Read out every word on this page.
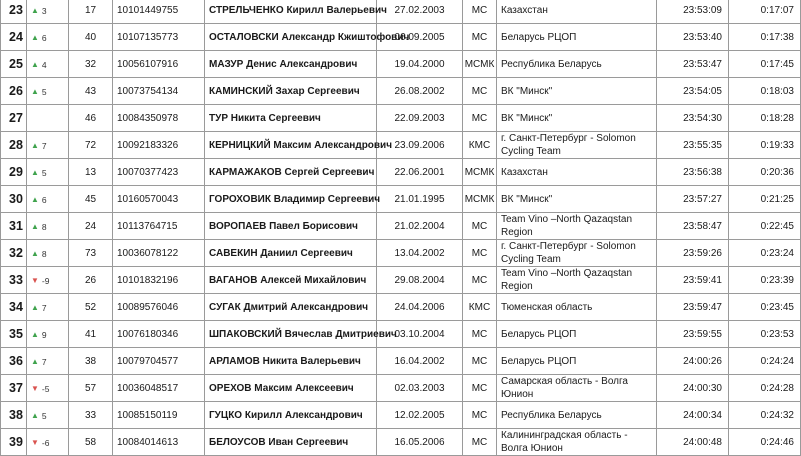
23	▲ 3	17	10101449755	СТРЕЛЬЧЕНКО Кирилл Валерьевич	27.02.2003	МС	Казахстан	23:53:09	0:17:07
24	▲ 6	40	10107135773	ОСТАЛОВСКИ Александр Кжиштофович	06.09.2005	МС	Беларусь РЦОП	23:53:40	0:17:38
25	▲ 4	32	10056107916	МАЗУР Денис Александрович	19.04.2000	МСМК	Республика Беларусь	23:53:47	0:17:45
26	▲ 5	43	10073754134	КАМИНСКИЙ Захар Сергеевич	26.08.2002	МС	ВК "Минск"	23:54:05	0:18:03
27		46	10084350978	ТУР Никита Сергеевич	22.09.2003	МС	ВК "Минск"	23:54:30	0:18:28
28	▲ 7	72	10092183326	КЕРНИЦКИЙ Максим Александрович	23.09.2006	КМС	г. Санкт-Петербург - Solomon Cycling Team	23:55:35	0:19:33
29	▲ 5	13	10070377423	КАРМАЖАКОВ Сергей Сергеевич	22.06.2001	МСМК	Казахстан	23:56:38	0:20:36
30	▲ 6	45	10160570043	ГОРОХОВИК Владимир Сергеевич	21.01.1995	МСМК	ВК "Минск"	23:57:27	0:21:25
31	▲ 8	24	10113764715	ВОРОПАЕВ Павел Борисович	21.02.2004	МС	Team Vino –North Qazaqstan Region	23:58:47	0:22:45
32	▲ 8	73	10036078122	САВЕКИН Даниил Сергеевич	13.04.2002	МС	г. Санкт-Петербург - Solomon Cycling Team	23:59:26	0:23:24
33	▼ -9	26	10101832196	ВАГАНОВ Алексей Михайлович	29.08.2004	МС	Team Vino –North Qazaqstan Region	23:59:41	0:23:39
34	▲ 7	52	10089576046	СУГАК Дмитрий Александрович	24.04.2006	КМС	Тюменская область	23:59:47	0:23:45
35	▲ 9	41	10076180346	ШПАКОВСКИЙ Вячеслав Дмитриевич	03.10.2004	МС	Беларусь РЦОП	23:59:55	0:23:53
36	▲ 7	38	10079704577	АРЛАМОВ Никита Валерьевич	16.04.2002	МС	Беларусь РЦОП	24:00:26	0:24:24
37	▼ -5	57	10036048517	ОРЕХОВ Максим Алексеевич	02.03.2003	МС	Самарская область - Волга Юнион	24:00:30	0:24:28
38	▲ 5	33	10085150119	ГУЦКО Кирилл Александрович	12.02.2005	МС	Республика Беларусь	24:00:34	0:24:32
39	▼ -6	58	10084014613	БЕЛОУСОВ Иван Сергеевич	16.05.2006	МС	Калининградская область - Волга Юнион	24:00:48	0:24:46
